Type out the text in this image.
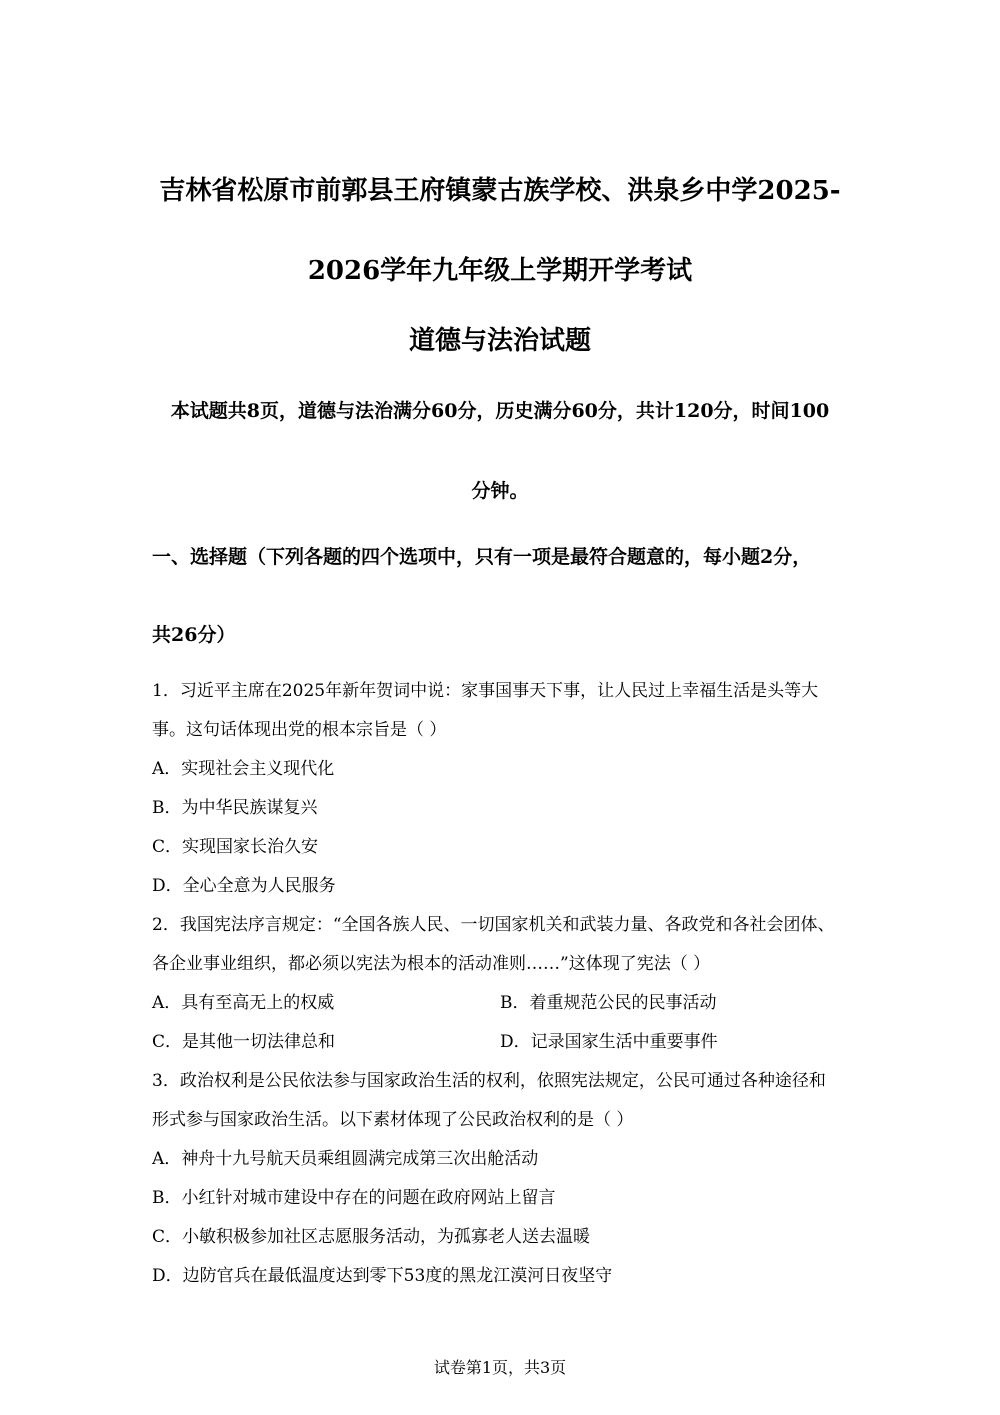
吉林省松原市前郭县王府镇蒙古族学校、洪泉乡中学2025-
2026学年九年级上学期开学考试
道德与法治试题
本试题共8页，道德与法治满分60分，历史满分60分，共计120分，时间100
分钟。
一、选择题（下列各题的四个选项中，只有一项是最符合题意的，每小题2分，
共26分）
1．习近平主席在2025年新年贺词中说：家事国事天下事，让人民过上幸福生活是头等大
事。这句话体现出党的根本宗旨是（ ）
A．实现社会主义现代化
B．为中华民族谋复兴
C．实现国家长治久安
D．全心全意为人民服务
2．我国宪法序言规定：“全国各族人民、一切国家机关和武装力量、各政党和各社会团体、
各企业事业组织，都必须以宪法为根本的活动准则……”这体现了宪法（ ）
A．具有至高无上的权威	B．着重规范公民的民事活动
C．是其他一切法律总和	D．记录国家生活中重要事件
3．政治权利是公民依法参与国家政治生活的权利，依照宪法规定，公民可通过各种途径和
形式参与国家政治生活。以下素材体现了公民政治权利的是（ ）
A．神舟十九号航天员乘组圆满完成第三次出舱活动
B．小红针对城市建设中存在的问题在政府网站上留言
C．小敏积极参加社区志愿服务活动，为孤寡老人送去温暖
D．边防官兵在最低温度达到零下53度的黑龙江漠河日夜坚守
试卷第1页，共3页
